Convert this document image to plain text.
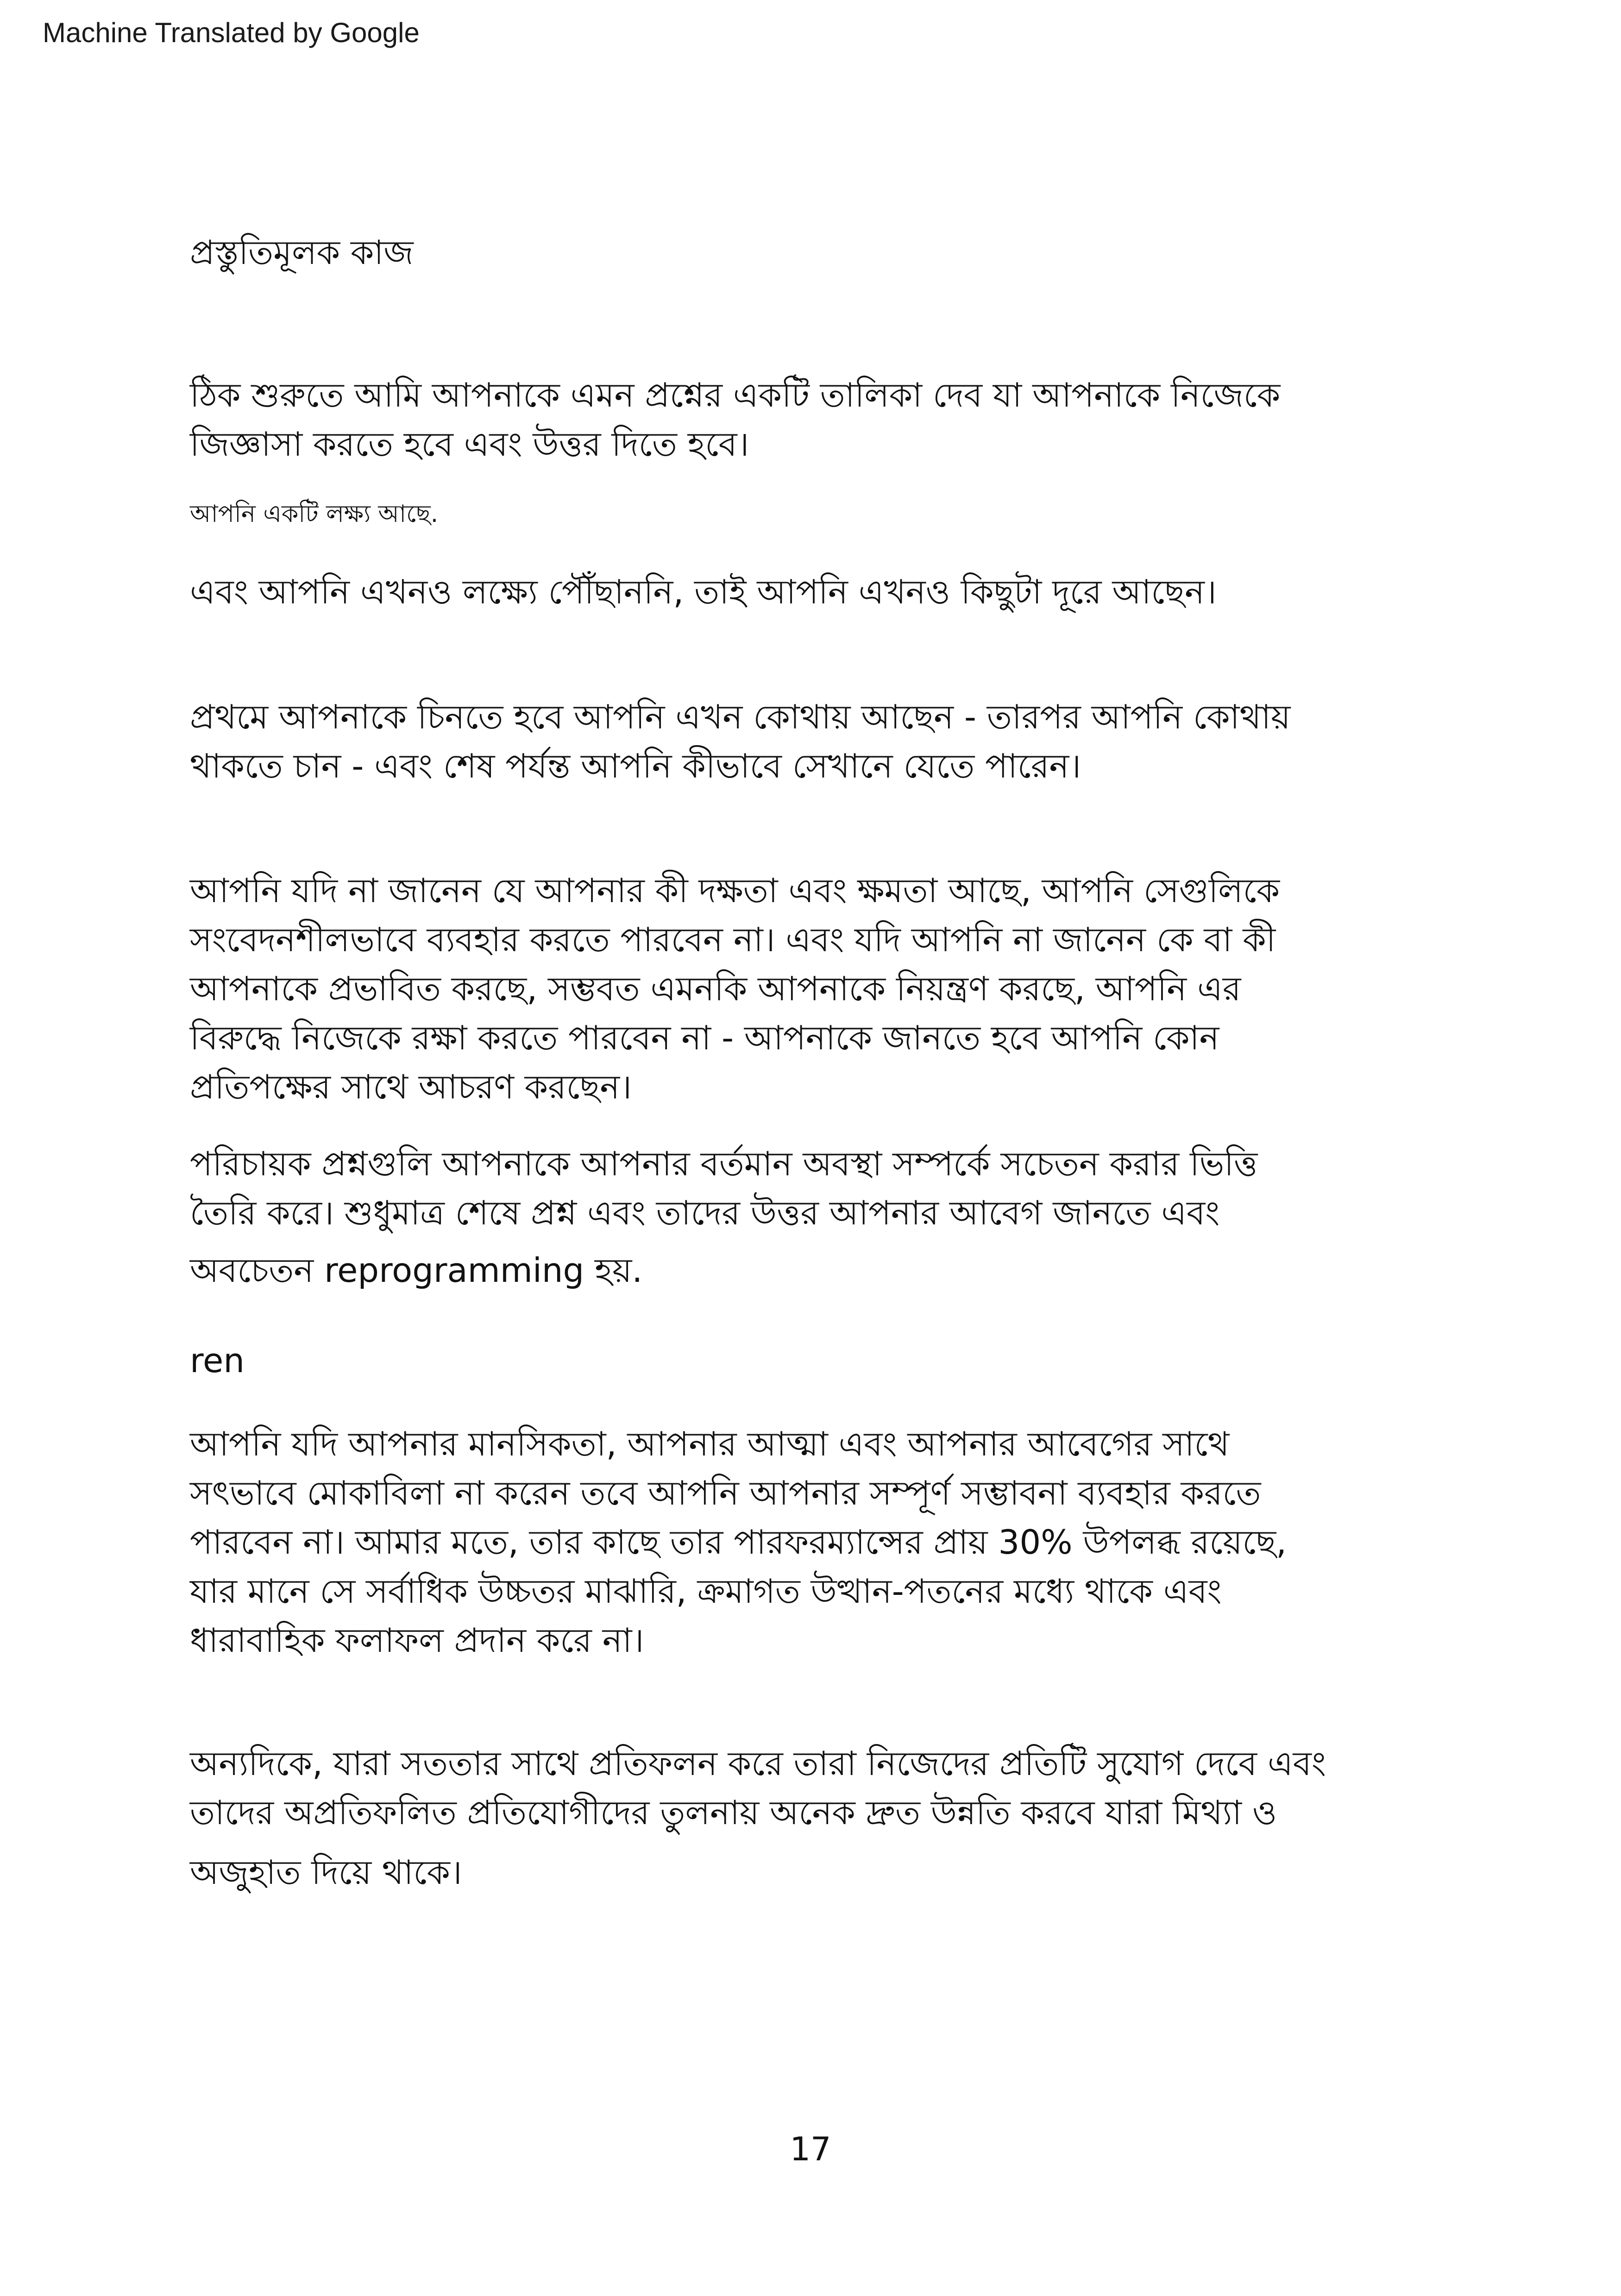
Machine Translated by Google
প্রস্তুতিমূলক কাজ
ঠিক শুরুতে আমি আপনাকে এমন প্রশ্নের একটি তালিকা দেব যা আপনাকে নিজেকে
জিজ্ঞাসা করতে হবে এবং উত্তর দিতে হবে।
আপনি একটি লক্ষ্য আছে.
এবং আপনি এখনও লক্ষ্যে পৌঁছাননি, তাই আপনি এখনও কিছুটা দূরে আছেন।
প্রথমে আপনাকে চিনতে হবে আপনি এখন কোথায় আছেন - তারপর আপনি কোথায়
থাকতে চান - এবং শেষ পর্যন্ত আপনি কীভাবে সেখানে যেতে পারেন।
আপনি যদি না জানেন যে আপনার কী দক্ষতা এবং ক্ষমতা আছে, আপনি সেগুলিকে
সংবেদনশীলভাবে ব্যবহার করতে পারবেন না। এবং যদি আপনি না জানেন কে বা কী
আপনাকে প্রভাবিত করছে, সম্ভবত এমনকি আপনাকে নিয়ন্ত্রণ করছে, আপনি এর
বিরুদ্ধে নিজেকে রক্ষা করতে পারবেন না - আপনাকে জানতে হবে আপনি কোন
প্রতিপক্ষের সাথে আচরণ করছেন।
পরিচায়ক প্রশ্নগুলি আপনাকে আপনার বর্তমান অবস্থা সম্পর্কে সচেতন করার ভিত্তি
তৈরি করে। শুধুমাত্র শেষে প্রশ্ন এবং তাদের উত্তর আপনার আবেগ জানতে এবং
অবচেতন reprogramming হয়.
ren
আপনি যদি আপনার মানসিকতা, আপনার আত্মা এবং আপনার আবেগের সাথে
সৎভাবে মোকাবিলা না করেন তবে আপনি আপনার সম্পূর্ণ সম্ভাবনা ব্যবহার করতে
পারবেন না। আমার মতে, তার কাছে তার পারফরম্যান্সের প্রায় 30% উপলব্ধ রয়েছে,
যার মানে সে সর্বাধিক উচ্চতর মাঝারি, ক্রমাগত উত্থান-পতনের মধ্যে থাকে এবং
ধারাবাহিক ফলাফল প্রদান করে না।
অন্যদিকে, যারা সততার সাথে প্রতিফলন করে তারা নিজেদের প্রতিটি সুযোগ দেবে এবং
তাদের অপ্রতিফলিত প্রতিযোগীদের তুলনায় অনেক দ্রুত উন্নতি করবে যারা মিথ্যা ও
অজুহাত দিয়ে থাকে।
17
